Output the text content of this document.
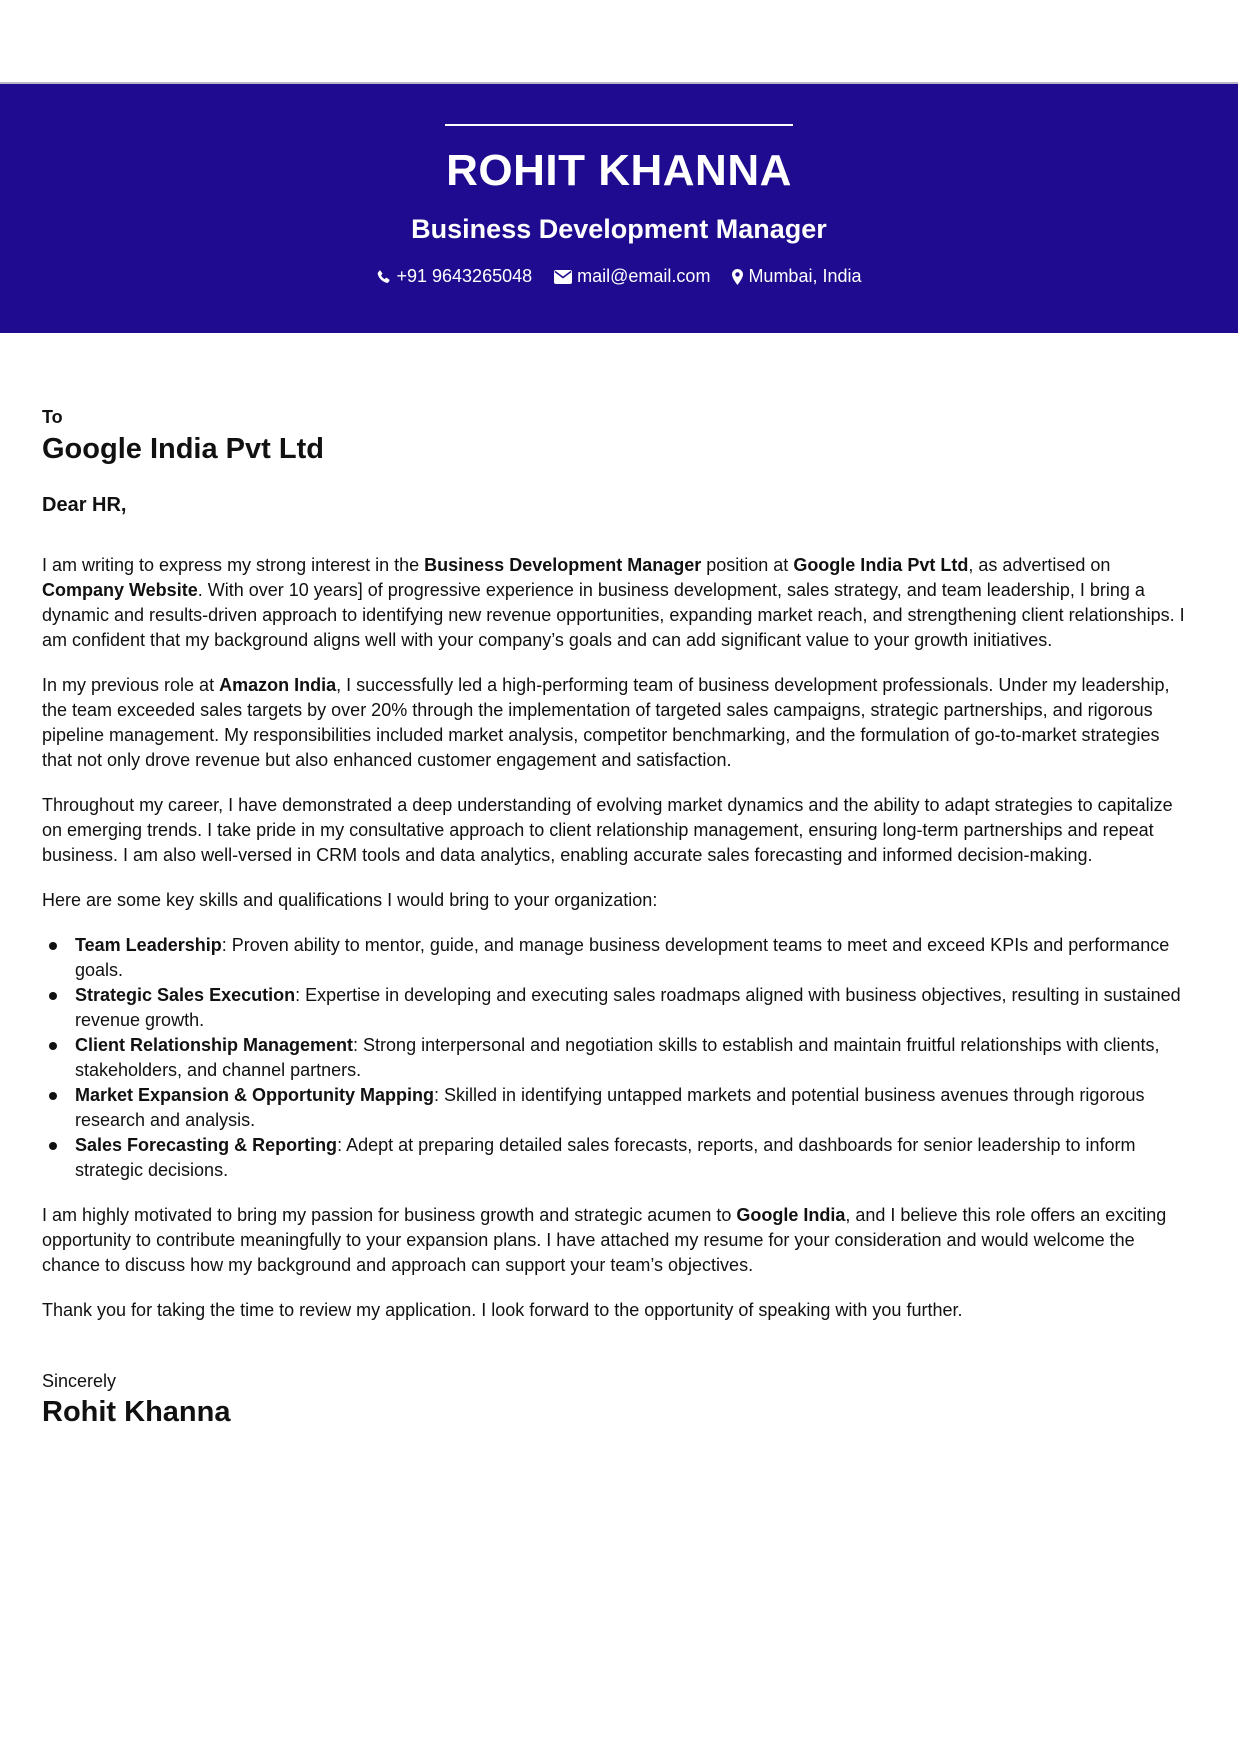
ROHIT KHANNA
Business Development Manager
+91 9643265048	mail@email.com Mumbai, India
To
Google India Pvt Ltd
Dear HR,

I am writing to express my strong interest in the Business Development Manager position at Google India Pvt Ltd, as advertised on Company Website. With over 10 years] of progressive experience in business development, sales strategy, and team leadership, I bring a dynamic and results-driven approach to identifying new revenue opportunities, expanding market reach, and strengthening client relationships. I am confident that my background aligns well with your company’s goals and can add significant value to your growth initiatives.

In my previous role at Amazon India, I successfully led a high-performing team of business development professionals. Under my leadership, the team exceeded sales targets by over 20% through the implementation of targeted sales campaigns, strategic partnerships, and rigorous pipeline management. My responsibilities included market analysis, competitor benchmarking, and the formulation of go-to-market strategies that not only drove revenue but also enhanced customer engagement and satisfaction.

Throughout my career, I have demonstrated a deep understanding of evolving market dynamics and the ability to adapt strategies to capitalize on emerging trends. I take pride in my consultative approach to client relationship management, ensuring long-term partnerships and repeat business. I am also well-versed in CRM tools and data analytics, enabling accurate sales forecasting and informed decision-making.

Here are some key skills and qualifications I would bring to your organization:

Team Leadership: Proven ability to mentor, guide, and manage business development teams to meet and exceed KPIs and performance goals.
Strategic Sales Execution: Expertise in developing and executing sales roadmaps aligned with business objectives, resulting in sustained revenue growth.
Client Relationship Management: Strong interpersonal and negotiation skills to establish and maintain fruitful relationships with clients, stakeholders, and channel partners.
Market Expansion & Opportunity Mapping: Skilled in identifying untapped markets and potential business avenues through rigorous research and analysis.
Sales Forecasting & Reporting: Adept at preparing detailed sales forecasts, reports, and dashboards for senior leadership to inform strategic decisions.

I am highly motivated to bring my passion for business growth and strategic acumen to Google India, and I believe this role offers an exciting opportunity to contribute meaningfully to your expansion plans. I have attached my resume for your consideration and would welcome the chance to discuss how my background and approach can support your team’s objectives.

Thank you for taking the time to review my application. I look forward to the opportunity of speaking with you further.

Sincerely
Rohit Khanna
